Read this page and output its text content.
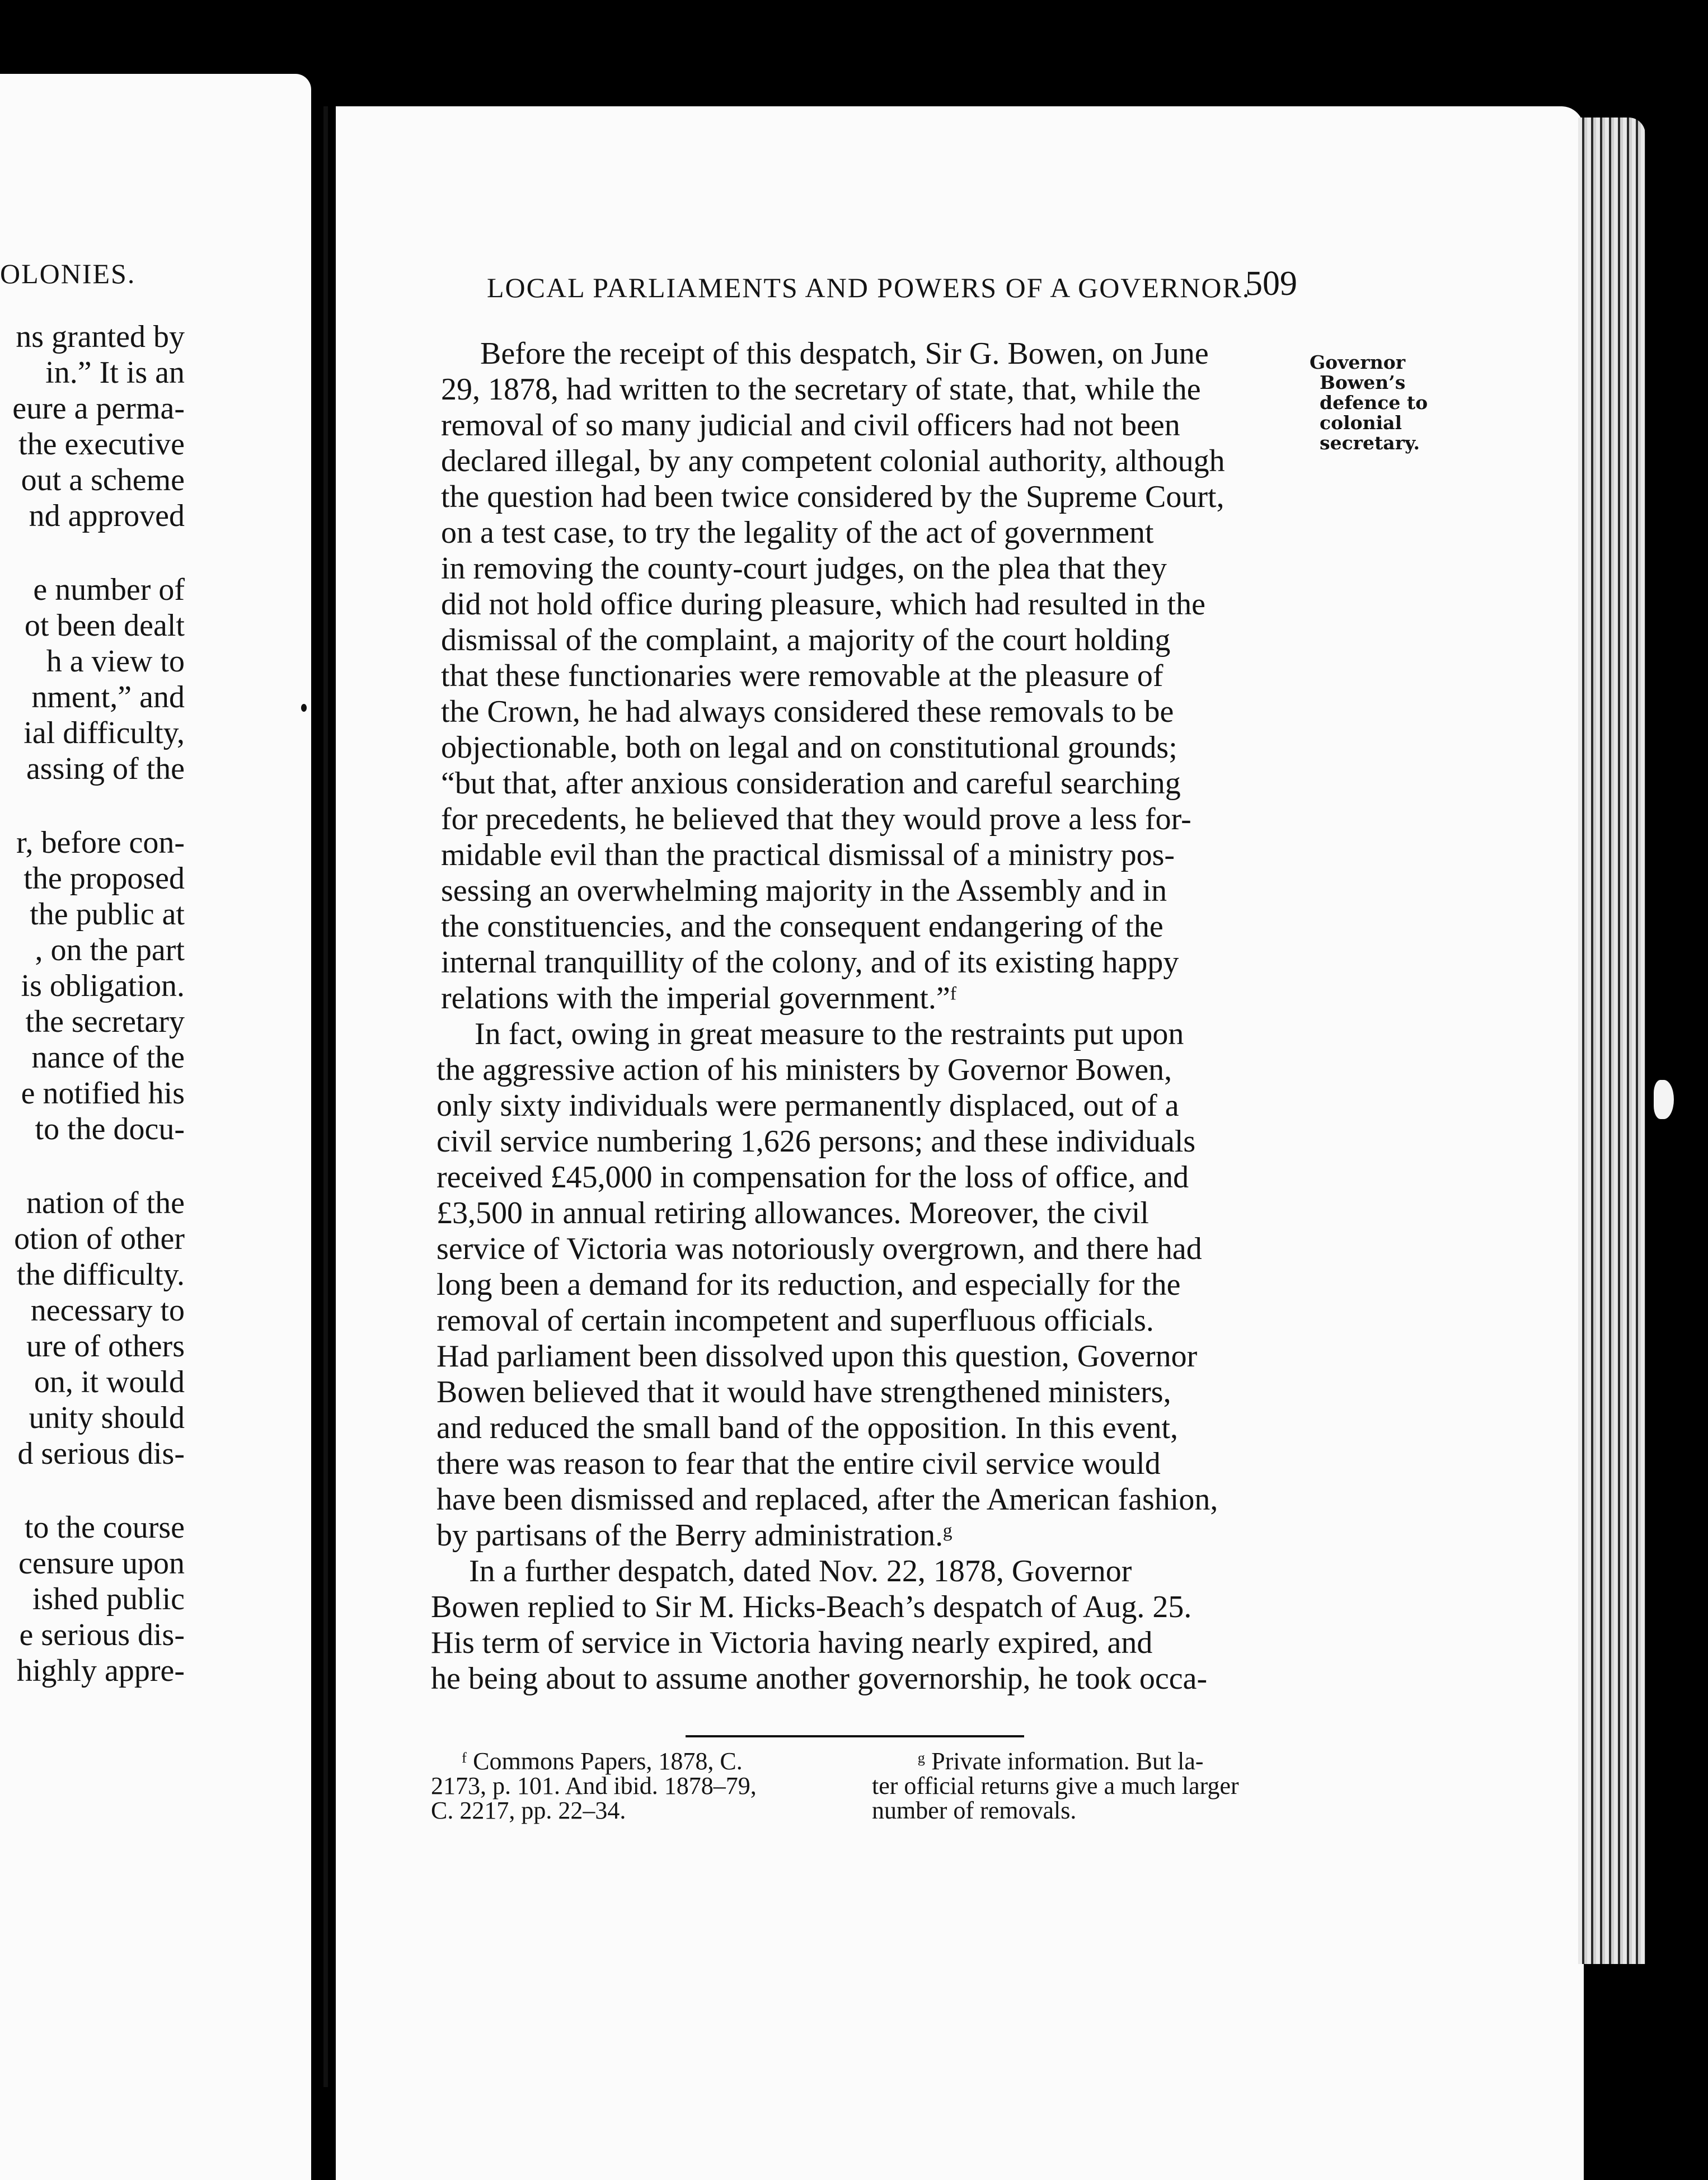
OLONIES.
ns granted by
in.” It is an
eure a perma-
the executive
out a scheme
nd approved
e number of
ot been dealt
h a view to
nment,” and
ial difficulty,
assing of the
r, before con-
the proposed
the public at
, on the part
is obligation.
the secretary
nance of the
e notified his
to the docu-
nation of the
otion of other
the difficulty.
necessary to
ure of others
on, it would
unity should
d serious dis-
to the course
censure upon
ished public
e serious dis-
highly appre-
LOCAL PARLIAMENTS AND POWERS OF A GOVERNOR.
509
Governor
Bowen’s
defence to
colonial
secretary.
Before the receipt of this despatch, Sir G. Bowen, on June
29, 1878, had written to the secretary of state, that, while the
removal of so many judicial and civil officers had not been
declared illegal, by any competent colonial authority, although
the question had been twice considered by the Supreme Court,
on a test case, to try the legality of the act of government
in removing the county-court judges, on the plea that they
did not hold office during pleasure, which had resulted in the
dismissal of the complaint, a majority of the court holding
that these functionaries were removable at the pleasure of
the Crown, he had always considered these removals to be
objectionable, both on legal and on constitutional grounds;
“but that, after anxious consideration and careful searching
for precedents, he believed that they would prove a less for-
midable evil than the practical dismissal of a ministry pos-
sessing an overwhelming majority in the Assembly and in
the constituencies, and the consequent endangering of the
internal tranquillity of the colony, and of its existing happy
relations with the imperial government.”ᶠ
In fact, owing in great measure to the restraints put upon
the aggressive action of his ministers by Governor Bowen,
only sixty individuals were permanently displaced, out of a
civil service numbering 1,626 persons; and these individuals
received £45,000 in compensation for the loss of office, and
£3,500 in annual retiring allowances. Moreover, the civil
service of Victoria was notoriously overgrown, and there had
long been a demand for its reduction, and especially for the
removal of certain incompetent and superfluous officials.
Had parliament been dissolved upon this question, Governor
Bowen believed that it would have strengthened ministers,
and reduced the small band of the opposition. In this event,
there was reason to fear that the entire civil service would
have been dismissed and replaced, after the American fashion,
by partisans of the Berry administration.ᵍ
In a further despatch, dated Nov. 22, 1878, Governor
Bowen replied to Sir M. Hicks-Beach’s despatch of Aug. 25.
His term of service in Victoria having nearly expired, and
he being about to assume another governorship, he took occa-
ᶠ Commons Papers, 1878, C.
2173, p. 101. And ibid. 1878–79,
C. 2217, pp. 22–34.
ᵍ Private information. But la-
ter official returns give a much larger
number of removals.
